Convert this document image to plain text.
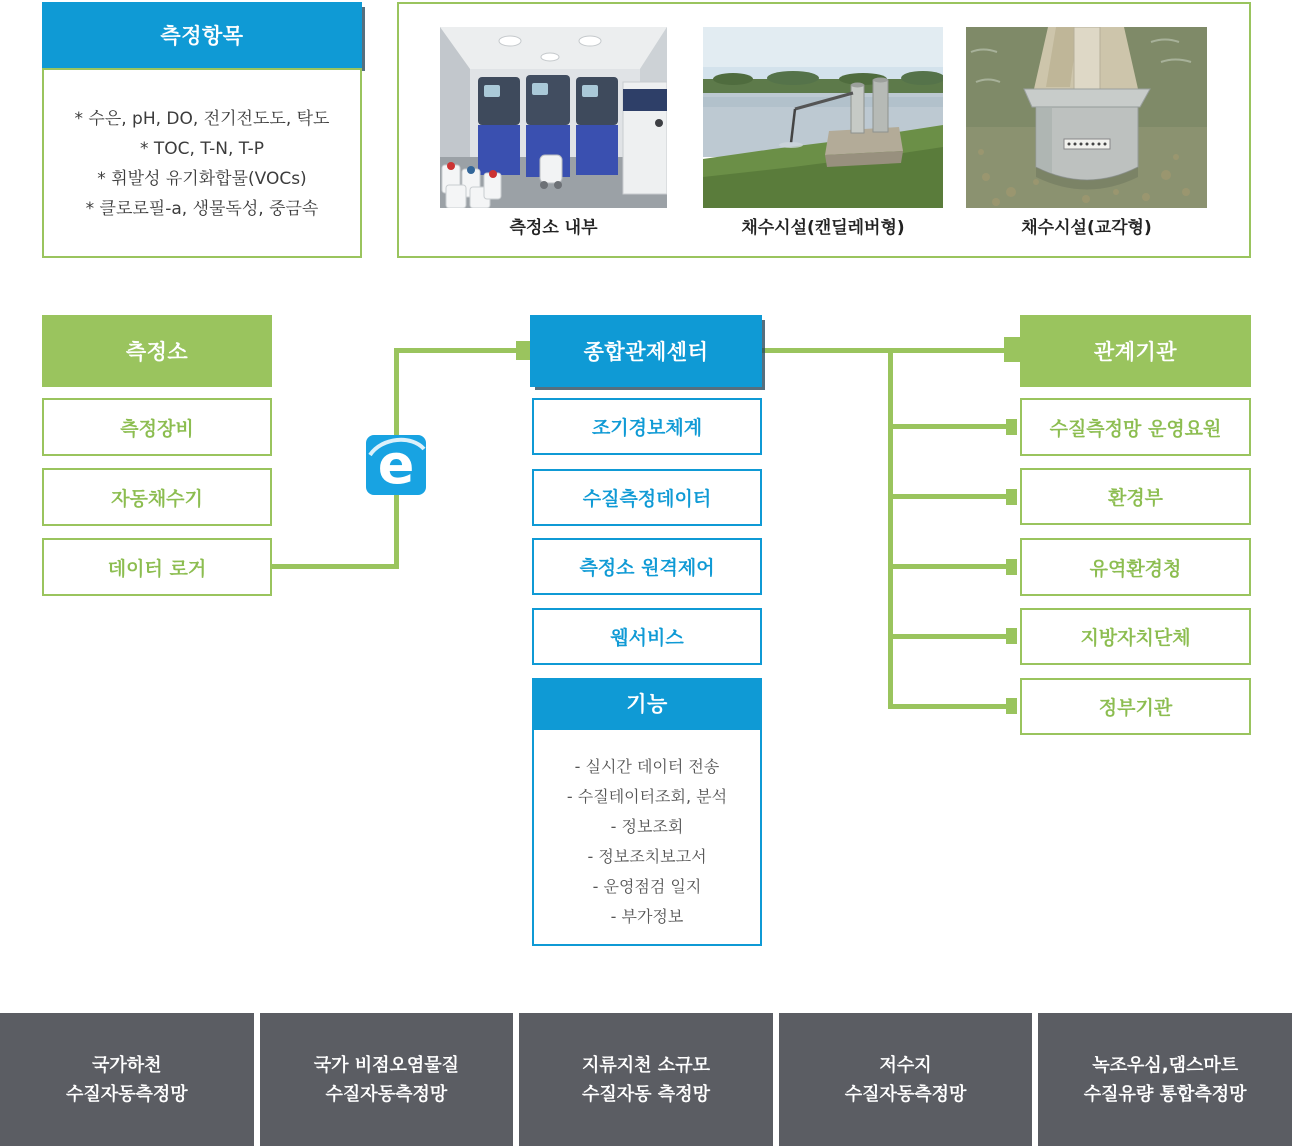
측정항목
* 수은, pH, DO, 전기전도도, 탁도
* TOC, T-N, T-P
* 휘발성 유기화합물(VOCs)
* 클로로필-a, 생물독성, 중금속
측정소 내부	채수시설(캔딜레버형)	채수시설(교각형)
e
측정소
측정장비
자동채수기
데이터 로거
종합관제센터
조기경보체계
수질측정데이터
측정소 원격제어
웹서비스
기능
- 실시간 데이터 전송
- 수질테이터조회, 분석
- 정보조회
- 정보조치보고서
- 운영점검 일지
- 부가정보
관계기관
수질측정망 운영요원
환경부
유역환경청
지방자치단체
정부기관
국가하천
수질자동측정망
국가 비점오염물질
수질자동측정망
지류지천 소규모
수질자동 측정망
저수지
수질자동측정망
녹조우심,댐스마트
수질유량 통합측정망
